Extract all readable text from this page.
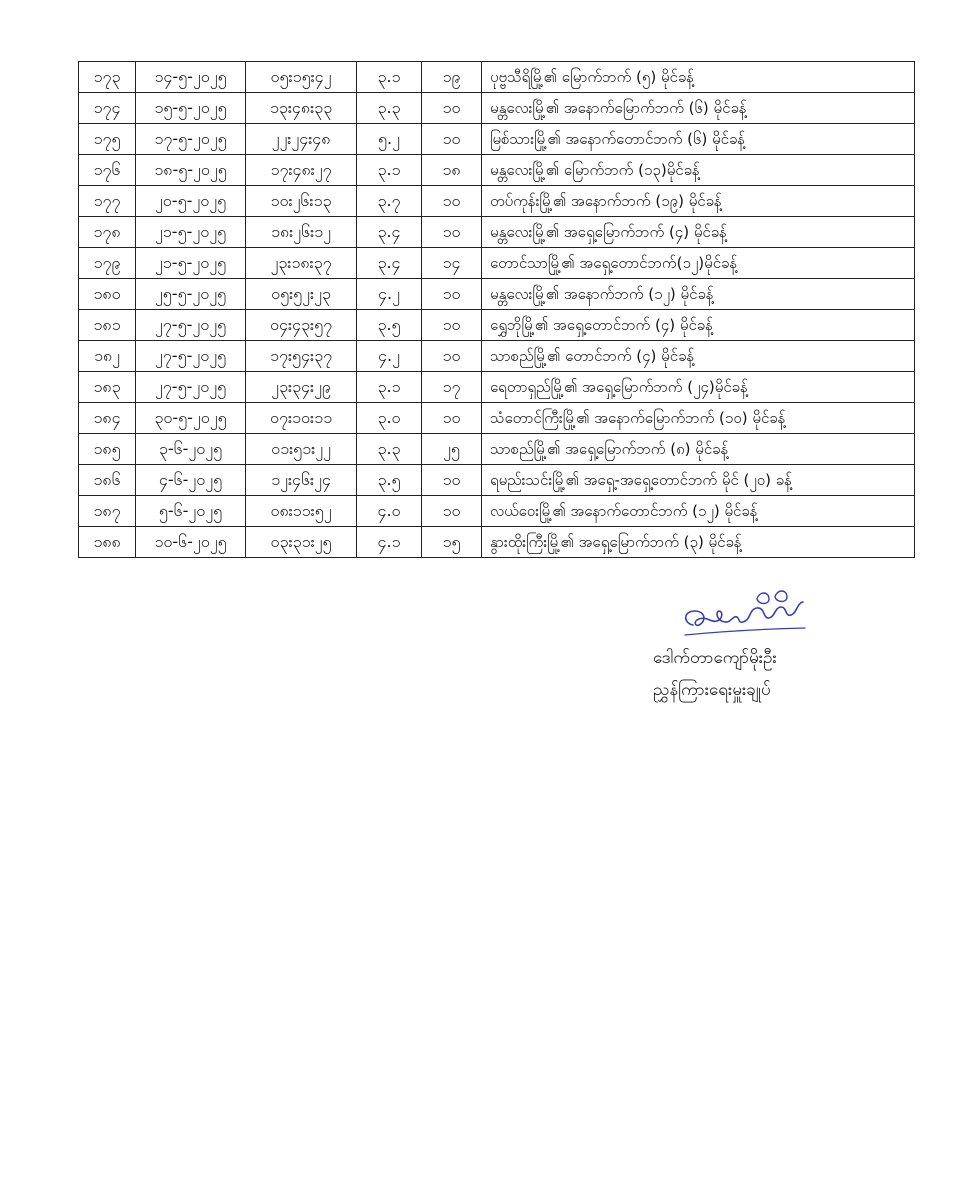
၁၇၃	၁၄-၅-၂၀၂၅	၀၅း၁၅း၄၂	၃.၁	၁၉	ပုဗ္ဗသီရိမြို့၏ မြောက်ဘက် (၅) မိုင်ခန့်
၁၇၄	၁၅-၅-၂၀၂၅	၁၃း၄၈း၃၃	၃.၃	၁၀	မန္တလေးမြို့၏ အနောက်မြောက်ဘက် (၆) မိုင်ခန့်
၁၇၅	၁၇-၅-၂၀၂၅	၂၂း၂၄း၄၈	၅.၂	၁၀	မြစ်သားမြို့၏ အနောက်တောင်ဘက် (၆) မိုင်ခန့်
၁၇၆	၁၈-၅-၂၀၂၅	၁၇း၄၈း၂၇	၃.၁	၁၈	မန္တလေးမြို့၏ မြောက်ဘက် (၁၃)မိုင်ခန့်
၁၇၇	၂၀-၅-၂၀၂၅	၁၀း၂၆း၁၃	၃.၇	၁၀	တပ်ကုန်းမြို့၏ အနောက်ဘက် (၁၉) မိုင်ခန့်
၁၇၈	၂၁-၅-၂၀၂၅	၁၈း၂၆း၁၂	၃.၄	၁၀	မန္တလေးမြို့၏ အရှေ့မြောက်ဘက် (၄) မိုင်ခန့်
၁၇၉	၂၁-၅-၂၀၂၅	၂၃း၁၈း၃၇	၃.၄	၁၄	တောင်သာမြို့၏ အရှေ့တောင်ဘက်(၁၂)မိုင်ခန့်
၁၈၀	၂၅-၅-၂၀၂၅	၀၅း၅၂း၂၃	၄.၂	၁၀	မန္တလေးမြို့၏ အနောက်ဘက် (၁၂) မိုင်ခန့်
၁၈၁	၂၇-၅-၂၀၂၅	၀၄း၄၃း၅၇	၃.၅	၁၀	ရွှေဘိုမြို့၏ အရှေ့တောင်ဘက် (၄) မိုင်ခန့်
၁၈၂	၂၇-၅-၂၀၂၅	၁၇း၅၄း၃၇	၄.၂	၁၀	သာစည်မြို့၏ တောင်ဘက် (၄) မိုင်ခန့်
၁၈၃	၂၇-၅-၂၀၂၅	၂၃း၃၄း၂၉	၃.၁	၁၇	ရေတာရှည်မြို့၏ အရှေ့မြောက်ဘက် (၂၄)မိုင်ခန့်
၁၈၄	၃၀-၅-၂၀၂၅	၀၇း၁၀း၁၁	၃.၀	၁၀	သံတောင်ကြီးမြို့၏ အနောက်မြောက်ဘက် (၁၀) မိုင်ခန့်
၁၈၅	၃-၆-၂၀၂၅	၀၁း၅၁း၂၂	၃.၃	၂၅	သာစည်မြို့၏ အရှေ့မြောက်ဘက် (၈) မိုင်ခန့်
၁၈၆	၄-၆-၂၀၂၅	၁၂း၄၆း၂၄	၃.၅	၁၀	ရမည်းသင်းမြို့၏ အရှေ့-အရှေ့တောင်ဘက် မိုင် (၂၀) ခန့်
၁၈၇	၅-၆-၂၀၂၅	၀၈း၁၁း၅၂	၄.၀	၁၀	လယ်ဝေးမြို့၏ အနောက်တောင်ဘက် (၁၂) မိုင်ခန့်
၁၈၈	၁၀-၆-၂၀၂၅	၀၃း၃၁း၂၅	၄.၁	၁၅	နွားထိုးကြီးမြို့၏ အရှေ့မြောက်ဘက် (၃) မိုင်ခန့်
ဒေါက်တာကျော်မိုးဦး
ညွှန်ကြားရေးမှူးချုပ်
